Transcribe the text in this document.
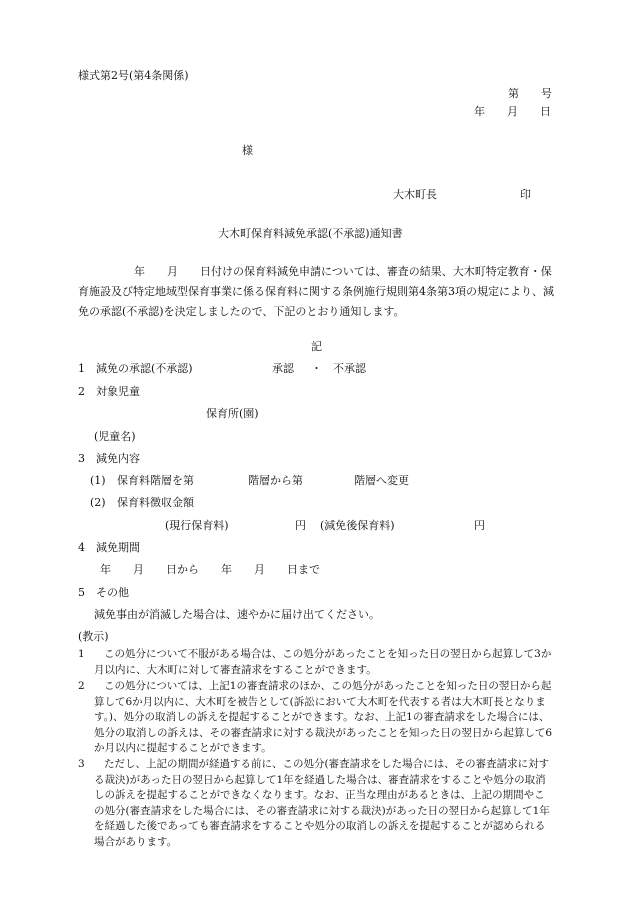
様式第2号(第4条関係)
第　　号
年　　月　　日
様
大木町長	印
大木町保育料減免承認(不承認)通知書
年　　月　　日付けの保育料減免申請については、審査の結果、大木町特定教育・保育施設及び特定地域型保育事業に係る保育料に関する条例施行規則第4条第3項の規定により、減免の承認(不承認)を決定しましたので、下記のとおり通知します。
記
1　減免の承認(不承認)	承認 ・ 不承認
2　対象児童
保育所(園)
(児童名)
3　減免内容
(1) 保育料階層を第	階層から第	階層へ変更
(2) 保育料徴収金額
(現行保育料)	円 (減免後保育料)	円
4　減免期間
年　　月　　日から　　年　　月　　日まで
5　その他
減免事由が消滅した場合は、速やかに届け出てください。
(教示)
1	この処分について不服がある場合は、この処分があったことを知った日の翌日から起算して3か月以内に、大木町に対して審査請求をすることができます。
2	この処分については、上記1の審査請求のほか、この処分があったことを知った日の翌日から起算して6か月以内に、大木町を被告として(訴訟において大木町を代表する者は大木町長となります。)、処分の取消しの訴えを提起することができます。なお、上記1の審査請求をした場合には、処分の取消しの訴えは、その審査請求に対する裁決があったことを知った日の翌日から起算して6か月以内に提起することができます。
3	ただし、上記の期間が経過する前に、この処分(審査請求をした場合には、その審査請求に対する裁決)があった日の翌日から起算して1年を経過した場合は、審査請求をすることや処分の取消しの訴えを提起することができなくなります。なお、正当な理由があるときは、上記の期間やこの処分(審査請求をした場合には、その審査請求に対する裁決)があった日の翌日から起算して1年を経過した後であっても審査請求をすることや処分の取消しの訴えを提起することが認められる場合があります。
